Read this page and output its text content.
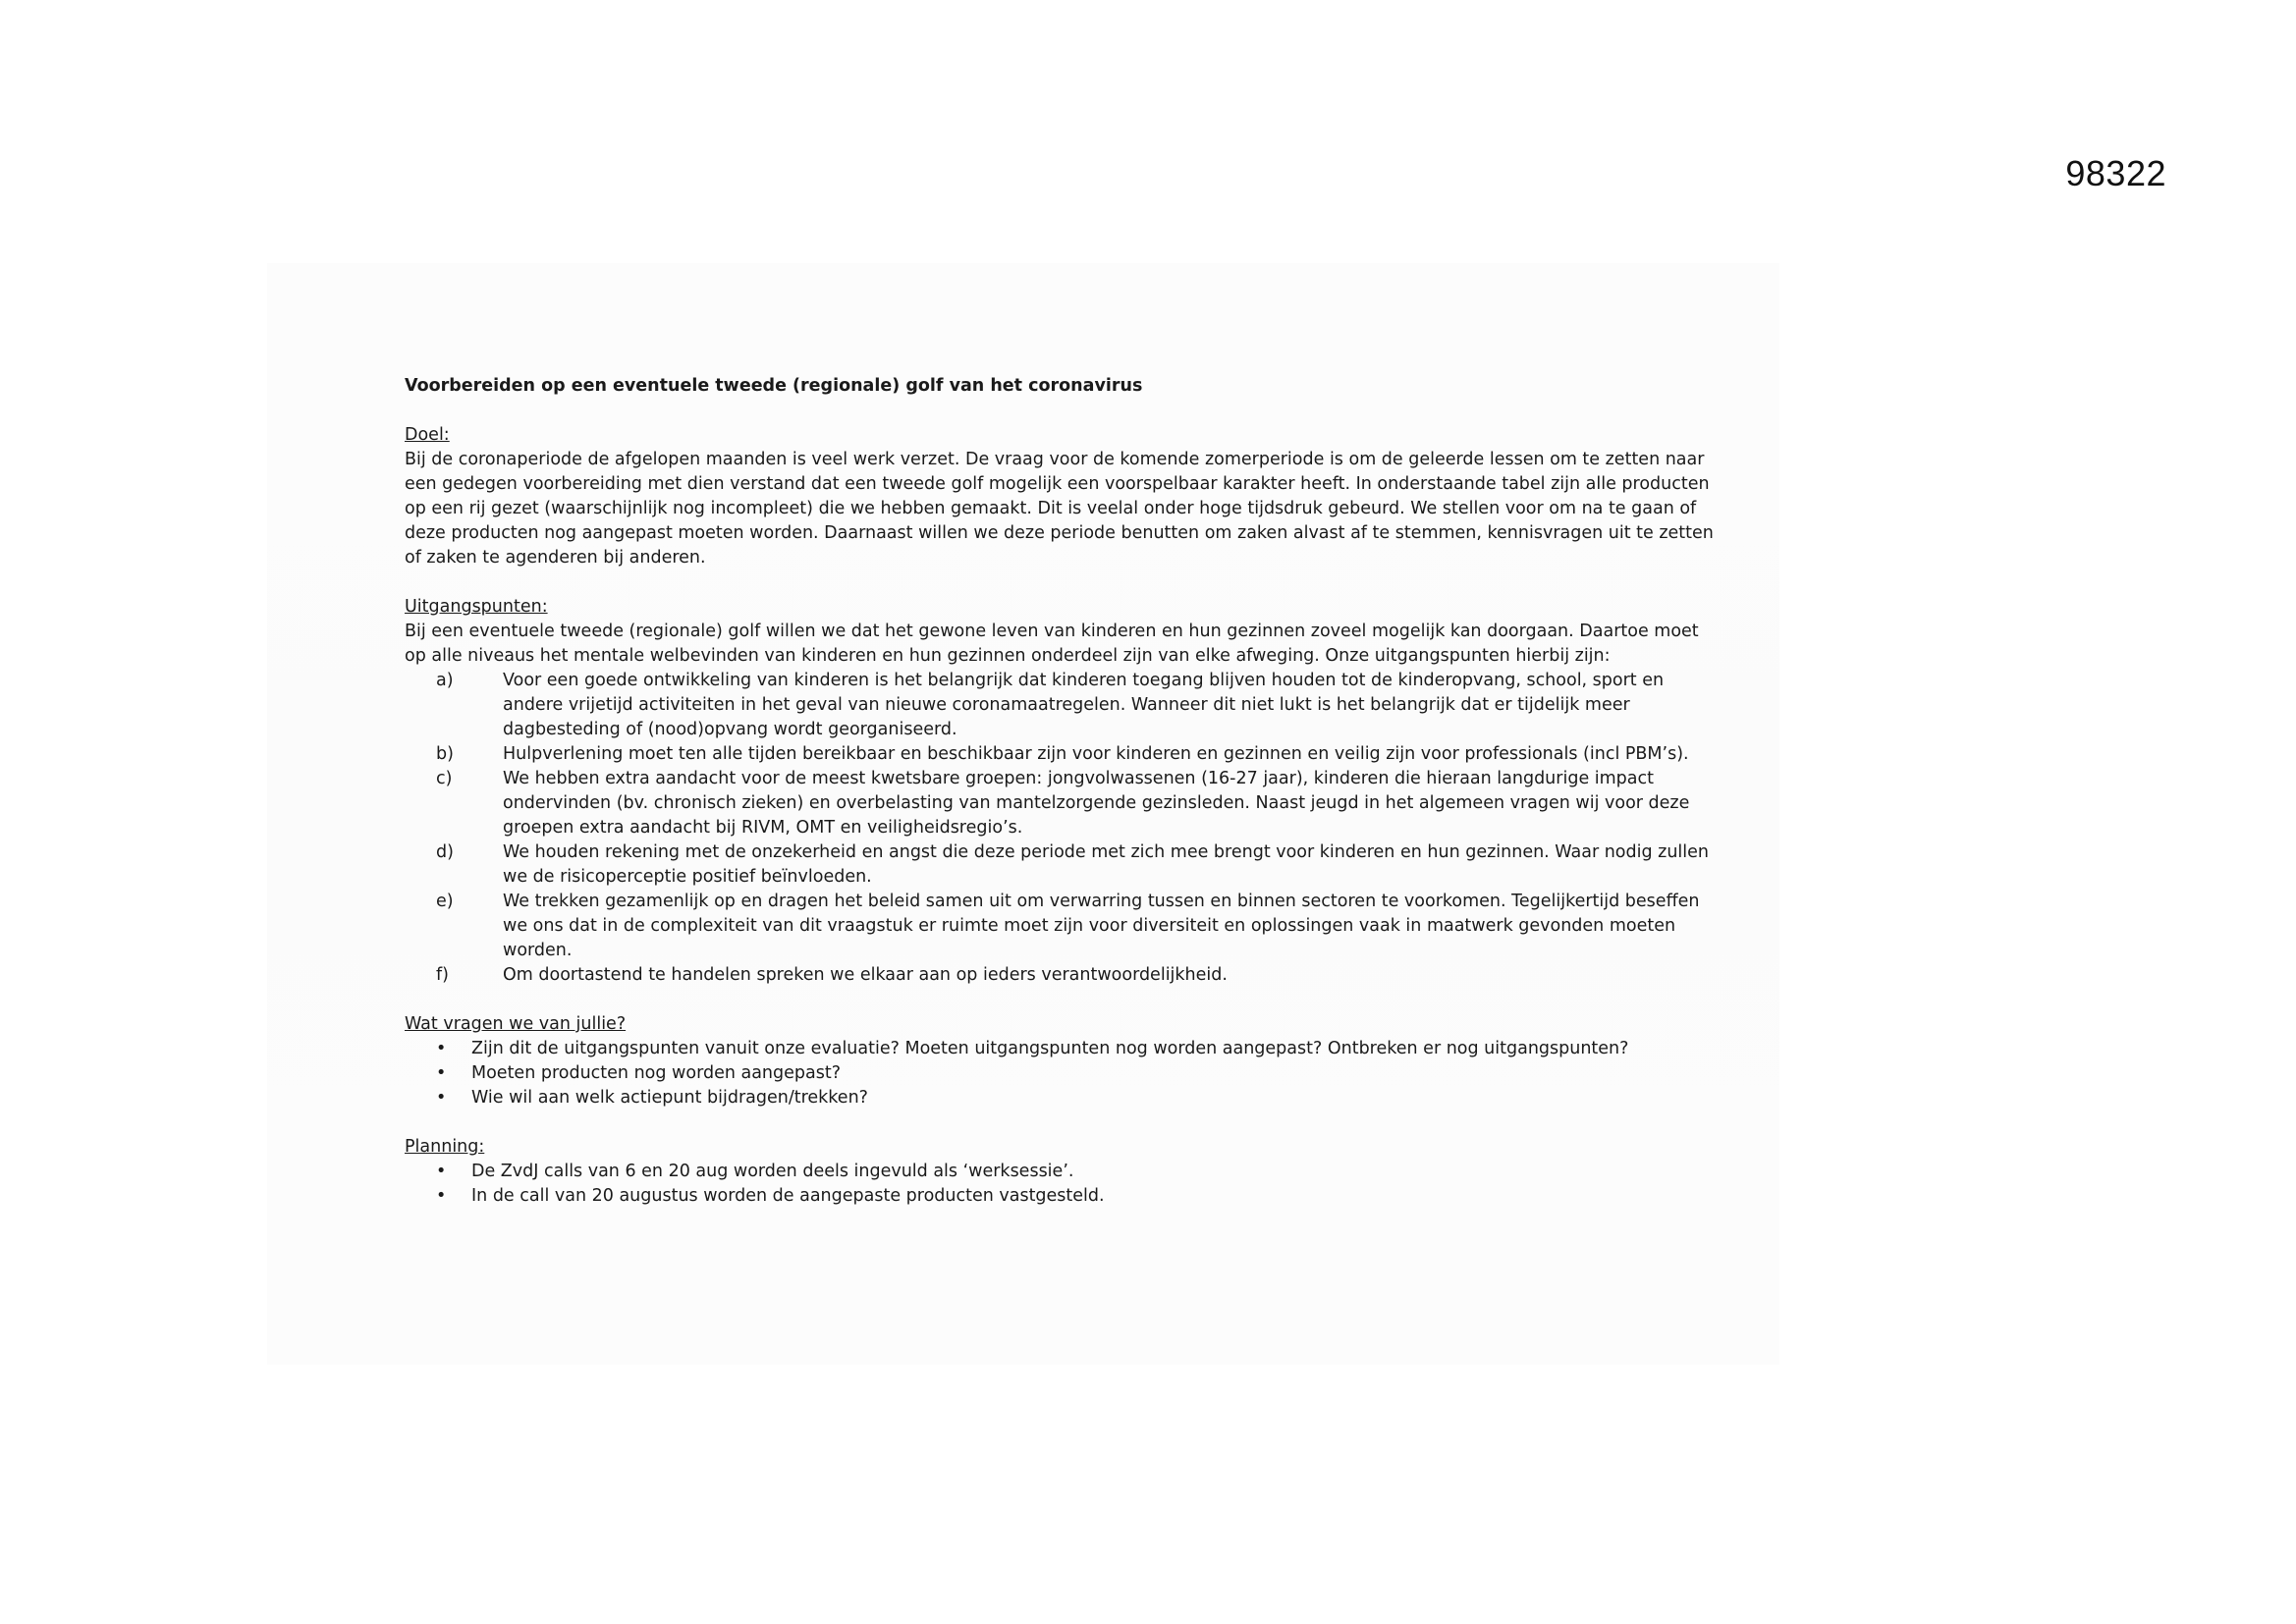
98322

Voorbereiden op een eventuele tweede (regionale) golf van het coronavirus

Doel:

Bij de coronaperiode de afgelopen maanden is veel werk verzet. De vraag voor de komende zomerperiode is om de geleerde lessen om te zetten naar een gedegen voorbereiding met dien verstand dat een tweede golf mogelijk een voorspelbaar karakter heeft. In onderstaande tabel zijn alle producten op een rij gezet (waarschijnlijk nog incompleet) die we hebben gemaakt. Dit is veelal onder hoge tijdsdruk gebeurd. We stellen voor om na te gaan of deze producten nog aangepast moeten worden. Daarnaast willen we deze periode benutten om zaken alvast af te stemmen, kennisvragen uit te zetten of zaken te agenderen bij anderen.

Uitgangspunten:

Bij een eventuele tweede (regionale) golf willen we dat het gewone leven van kinderen en hun gezinnen zoveel mogelijk kan doorgaan. Daartoe moet op alle niveaus het mentale welbevinden van kinderen en hun gezinnen onderdeel zijn van elke afweging. Onze uitgangspunten hierbij zijn:

a)	Voor een goede ontwikkeling van kinderen is het belangrijk dat kinderen toegang blijven houden tot de kinderopvang, school, sport en andere vrijetijd activiteiten in het geval van nieuwe coronamaatregelen. Wanneer dit niet lukt is het belangrijk dat er tijdelijk meer dagbesteding of (nood)opvang wordt georganiseerd.
b)	Hulpverlening moet ten alle tijden bereikbaar en beschikbaar zijn voor kinderen en gezinnen en veilig zijn voor professionals (incl PBM’s).
c)	We hebben extra aandacht voor de meest kwetsbare groepen: jongvolwassenen (16-27 jaar), kinderen die hieraan langdurige impact ondervinden (bv. chronisch zieken) en overbelasting van mantelzorgende gezinsleden. Naast jeugd in het algemeen vragen wij voor deze groepen extra aandacht bij RIVM, OMT en veiligheidsregio’s.
d)	We houden rekening met de onzekerheid en angst die deze periode met zich mee brengt voor kinderen en hun gezinnen. Waar nodig zullen we de risicoperceptie positief beïnvloeden.
e)	We trekken gezamenlijk op en dragen het beleid samen uit om verwarring tussen en binnen sectoren te voorkomen. Tegelijkertijd beseffen we ons dat in de complexiteit van dit vraagstuk er ruimte moet zijn voor diversiteit en oplossingen vaak in maatwerk gevonden moeten worden.
f)	Om doortastend te handelen spreken we elkaar aan op ieders verantwoordelijkheid.

Wat vragen we van jullie?

•	Zijn dit de uitgangspunten vanuit onze evaluatie? Moeten uitgangspunten nog worden aangepast? Ontbreken er nog uitgangspunten?
•	Moeten producten nog worden aangepast?
•	Wie wil aan welk actiepunt bijdragen/trekken?

Planning:

•	De ZvdJ calls van 6 en 20 aug worden deels ingevuld als ‘werksessie’.
•	In de call van 20 augustus worden de aangepaste producten vastgesteld.
